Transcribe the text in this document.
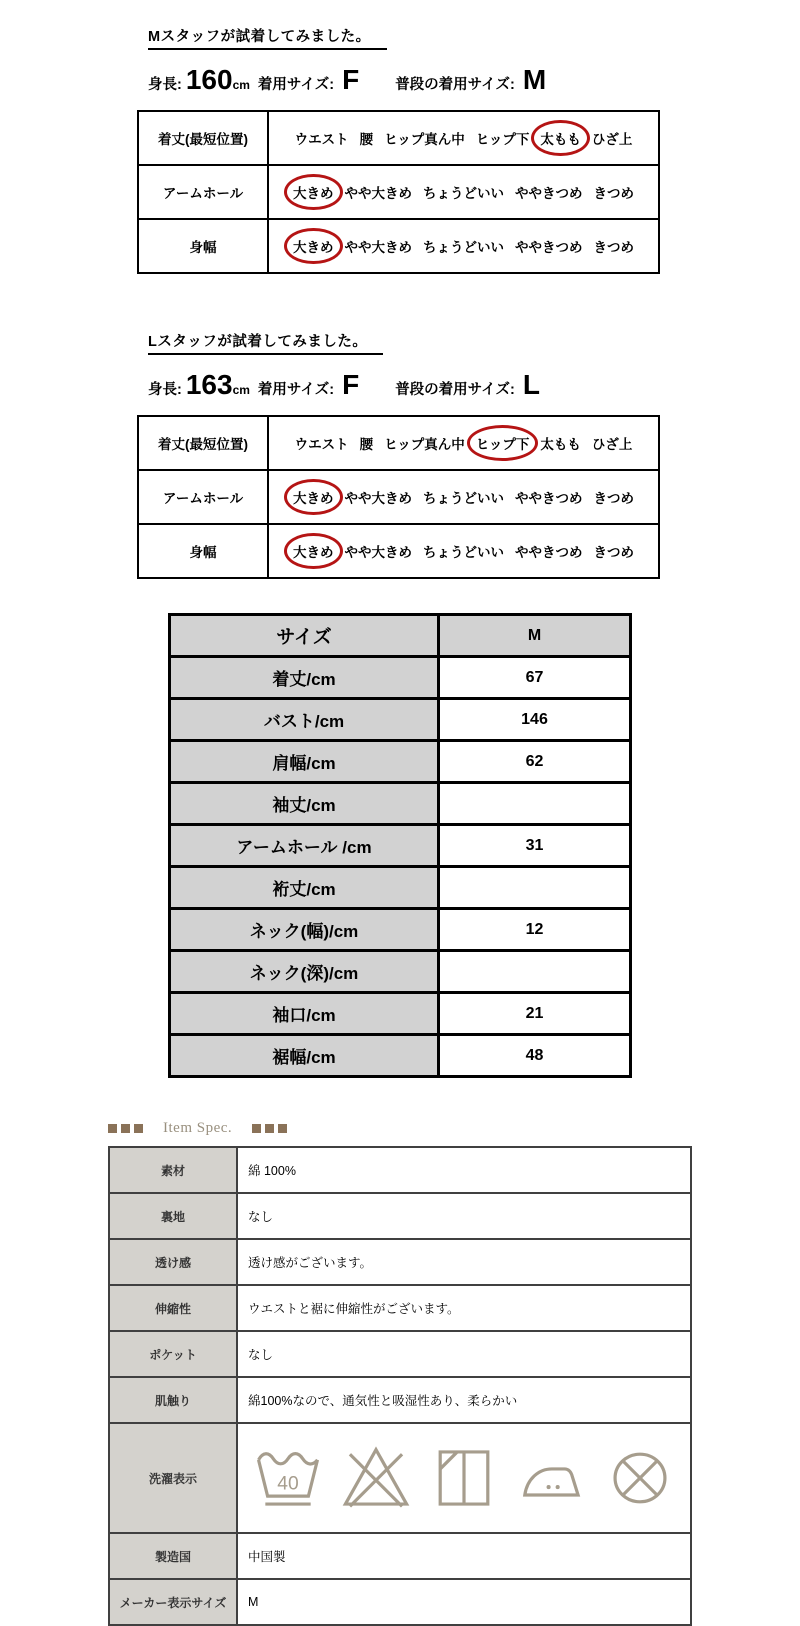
Mスタッフが試着してみました。
身長: 160 cm 着用サイズ: F 普段の着用サイズ: M
着丈(最短位置)	ウエスト 腰 ヒップ真ん中 ヒップ下 太もも ひざ上
アームホール	大きめ やや大きめ ちょうどいい ややきつめ きつめ
身幅	大きめ やや大きめ ちょうどいい ややきつめ きつめ
Lスタッフが試着してみました。
身長: 163 cm 着用サイズ: F 普段の着用サイズ: L
着丈(最短位置)	ウエスト 腰 ヒップ真ん中 ヒップ下 太もも ひざ上
アームホール	大きめ やや大きめ ちょうどいい ややきつめ きつめ
身幅	大きめ やや大きめ ちょうどいい ややきつめ きつめ
サイズ	M
着丈/cm	67
バスト/cm	146
肩幅/cm	62
袖丈/cm
アームホール /cm	31
裄丈/cm
ネック(幅)/cm	12
ネック(深)/cm
袖口/cm	21
裾幅/cm	48
Item Spec.
素材	綿 100%
裏地	なし
透け感	透け感がございます。
伸縮性	ウエストと裾に伸縮性がございます。
ポケット	なし
肌触り	綿100%なので、通気性と吸湿性あり、柔らかい
洗濯表示	40
製造国	中国製
メーカー表示サイズ	M
